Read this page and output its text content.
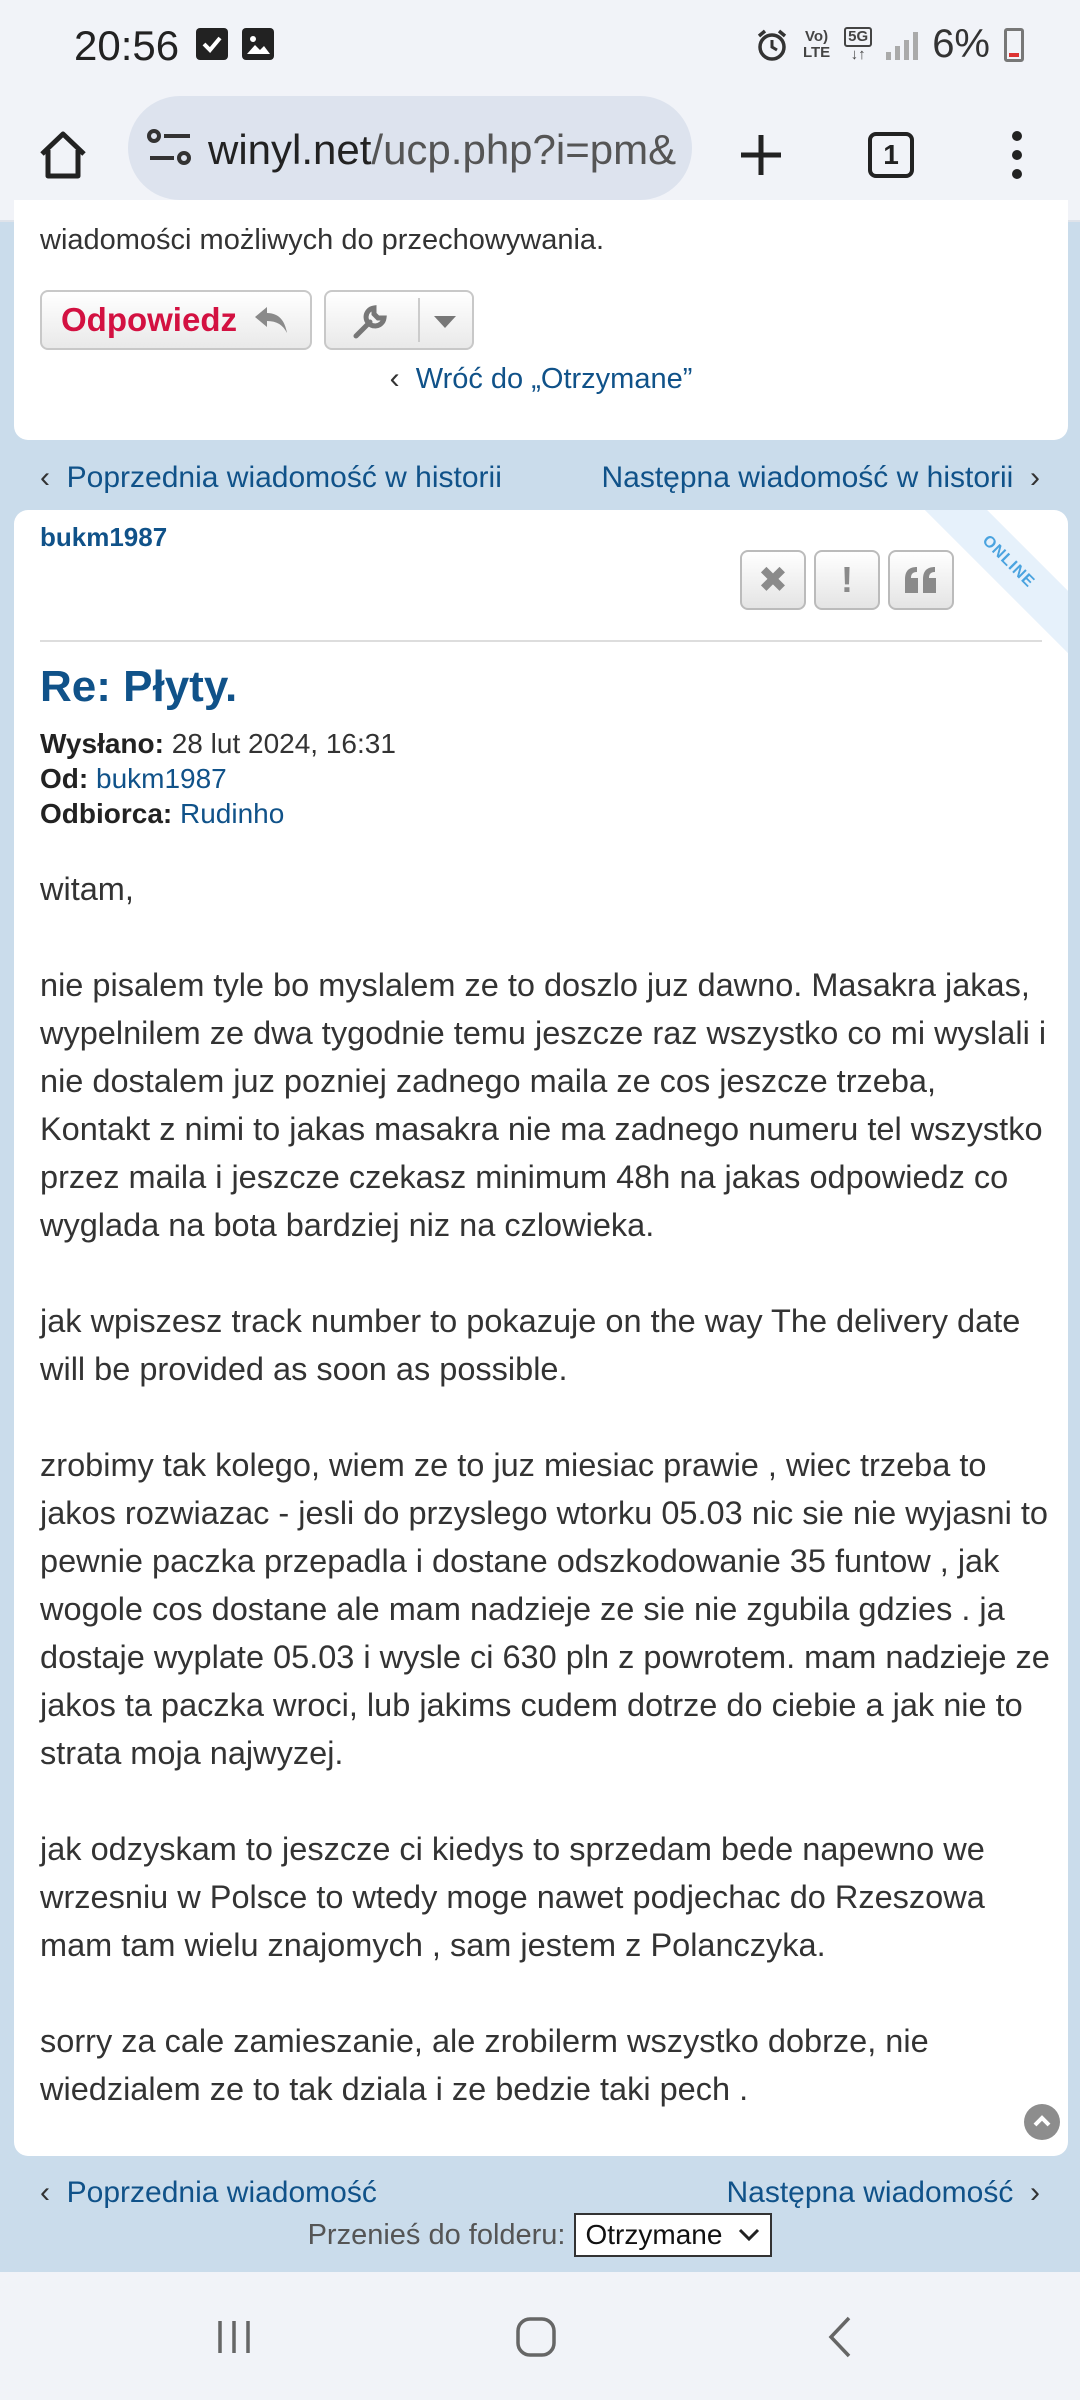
20:56	Vo)
LTE
5G
↓↑ 6%
winyl.net/ucp.php?i=pm&	1
wiadomości możliwych do przechowywania.
Odpowiedz
‹ Wróć do „Otrzymane”
‹ Poprzednia wiadomość w historii	Następna wiadomość w historii ›
bukm1987	ONLINE
✖ !
Re: Płyty.
Wysłano: 28 lut 2024, 16:31
Od: bukm1987
Odbiorca: Rudinho

witam,

nie pisalem tyle bo myslalem ze to doszlo juz dawno. Masakra jakas, wypelnilem ze dwa tygodnie temu jeszcze raz wszystko co mi wyslali i nie dostalem juz pozniej zadnego maila ze cos jeszcze trzeba, Kontakt z nimi to jakas masakra nie ma zadnego numeru tel wszystko przez maila i jeszcze czekasz minimum 48h na jakas odpowiedz co wyglada na bota bardziej niz na czlowieka.

jak wpiszesz track number to pokazuje on the way The delivery date will be provided as soon as possible.

zrobimy tak kolego, wiem ze to juz miesiac prawie , wiec trzeba to jakos rozwiazac - jesli do przyslego wtorku 05.03 nic sie nie wyjasni to pewnie paczka przepadla i dostane odszkodowanie 35 funtow , jak wogole cos dostane ale mam nadzieje ze sie nie zgubila gdzies . ja dostaje wyplate 05.03 i wysle ci 630 pln z powrotem. mam nadzieje ze jakos ta paczka wroci, lub jakims cudem dotrze do ciebie a jak nie to strata moja najwyzej.

jak odzyskam to jeszcze ci kiedys to sprzedam bede napewno we wrzesniu w Polsce to wtedy moge nawet podjechac do Rzeszowa mam tam wielu znajomych , sam jestem z Polanczyka.

sorry za cale zamieszanie, ale zrobilerm wszystko dobrze, nie wiedzialem ze to tak dziala i ze bedzie taki pech .

‹ Poprzednia wiadomość	Następna wiadomość ›
Przenieś do folderu: Otrzymane
